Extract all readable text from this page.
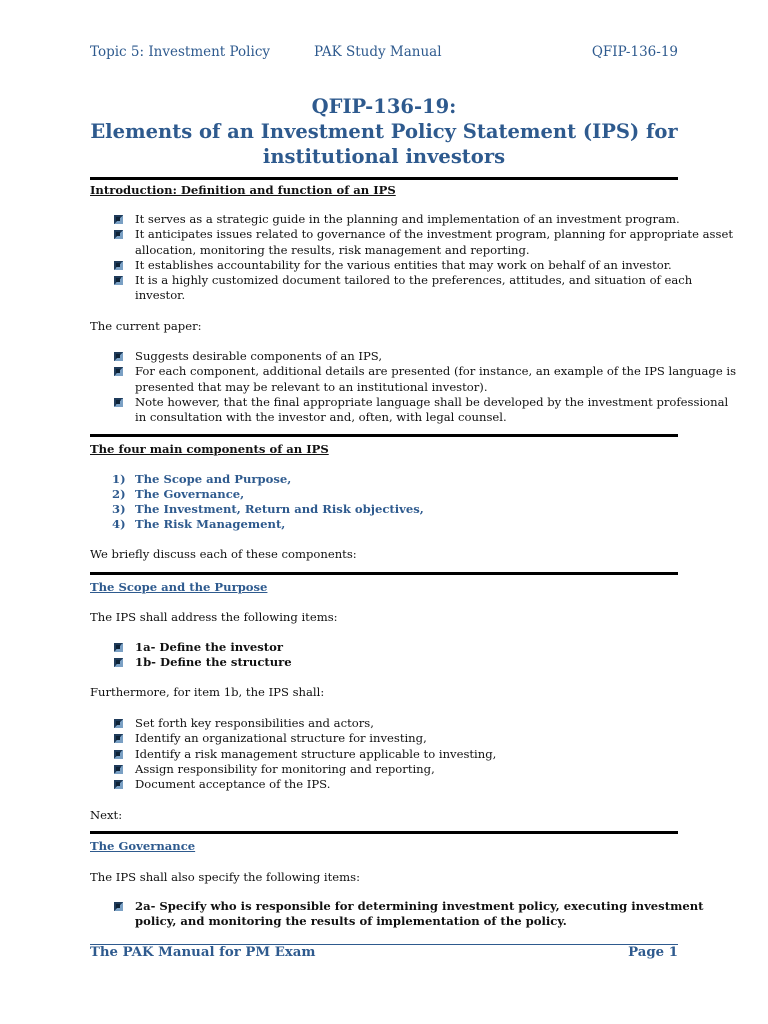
Topic 5: Investment Policy	PAK Study Manual	QFIP-136-19
QFIP-136-19:
Elements of an Investment Policy Statement (IPS) for
institutional investors
Introduction: Definition and function of an IPS
It serves as a strategic guide in the planning and implementation of an investment program.
It anticipates issues related to governance of the investment program, planning for appropriate asset
allocation, monitoring the results, risk management and reporting.
It establishes accountability for the various entities that may work on behalf of an investor.
It is a highly customized document tailored to the preferences, attitudes, and situation of each
investor.
The current paper:
Suggests desirable components of an IPS,
For each component, additional details are presented (for instance, an example of the IPS language is
presented that may be relevant to an institutional investor).
Note however, that the final appropriate language shall be developed by the investment professional
in consultation with the investor and, often, with legal counsel.
The four main components of an IPS
1) The Scope and Purpose,
2) The Governance,
3) The Investment, Return and Risk objectives,
4) The Risk Management,
We briefly discuss each of these components:
The Scope and the Purpose
The IPS shall address the following items:
1a- Define the investor
1b- Define the structure
Furthermore, for item 1b, the IPS shall:
Set forth key responsibilities and actors,
Identify an organizational structure for investing,
Identify a risk management structure applicable to investing,
Assign responsibility for monitoring and reporting,
Document acceptance of the IPS.
Next:
The Governance
The IPS shall also specify the following items:
2a- Specify who is responsible for determining investment policy, executing investment
policy, and monitoring the results of implementation of the policy.
The PAK Manual for PM Exam	Page 1
